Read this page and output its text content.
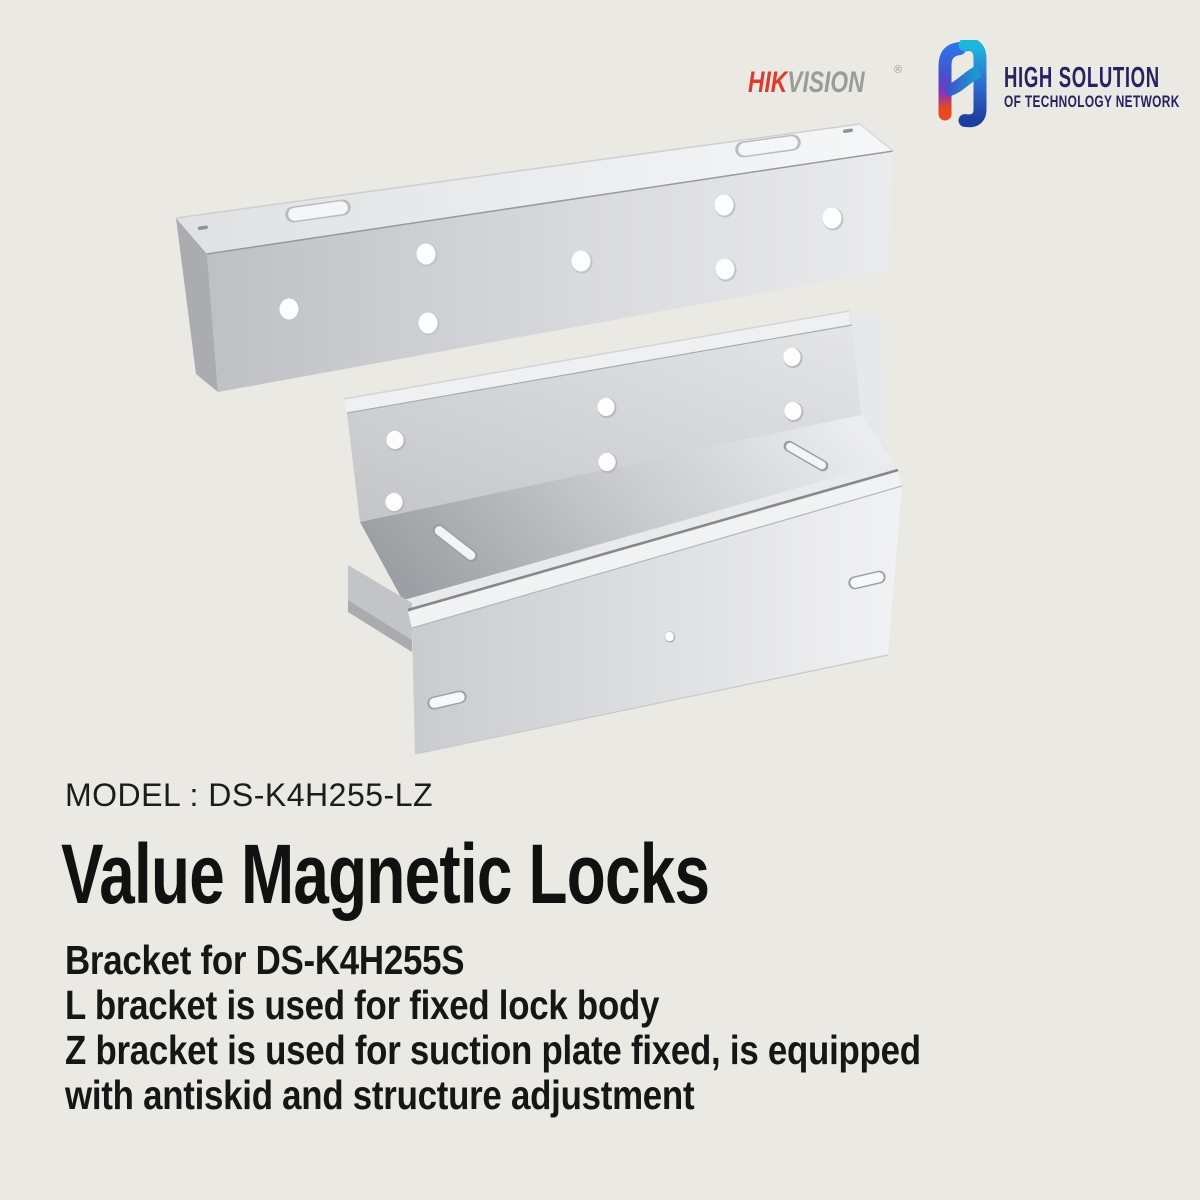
HIKVISION	®	HIGH SOLUTION
OF TECHNOLOGY NETWORK
MODEL : DS-K4H255-LZ
Value Magnetic Locks
Bracket for DS-K4H255S
L bracket is used for fixed lock body
Z bracket is used for suction plate fixed, is equipped
with antiskid and structure adjustment
